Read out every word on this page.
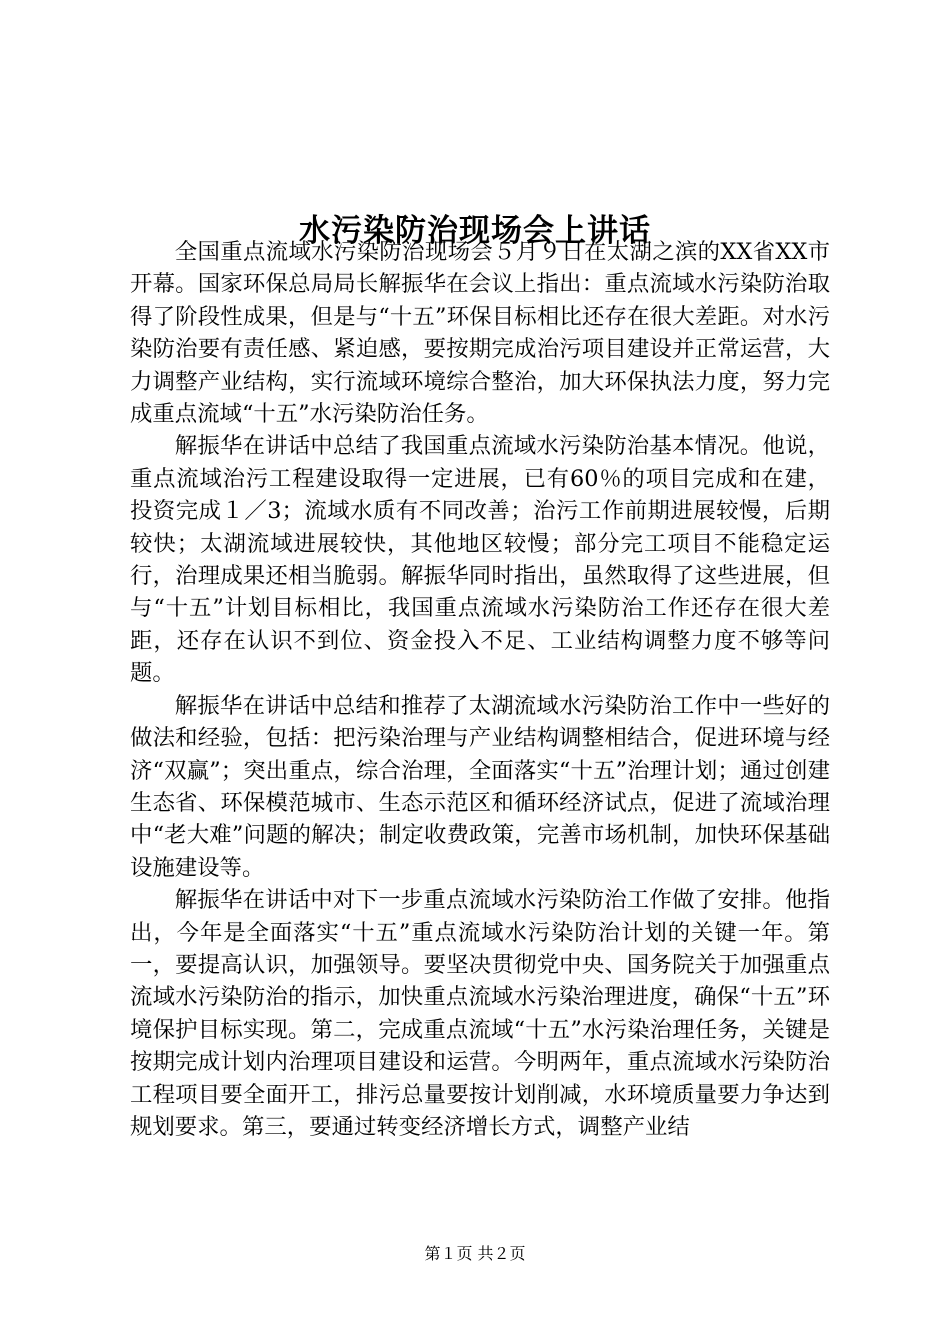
水污染防治现场会上讲话

全国重点流域水污染防治现场会５月９日在太湖之滨的XX省XX市开幕。国家环保总局局长解振华在会议上指出：重点流域水污染防治取得了阶段性成果，但是与“十五”环保目标相比还存在很大差距。对水污染防治要有责任感、紧迫感，要按期完成治污项目建设并正常运营，大力调整产业结构，实行流域环境综合整治，加大环保执法力度，努力完成重点流域“十五”水污染防治任务。

解振华在讲话中总结了我国重点流域水污染防治基本情况。他说，重点流域治污工程建设取得一定进展，已有60％的项目完成和在建，投资完成１／3；流域水质有不同改善；治污工作前期进展较慢，后期较快；太湖流域进展较快，其他地区较慢；部分完工项目不能稳定运行，治理成果还相当脆弱。解振华同时指出，虽然取得了这些进展，但与“十五”计划目标相比，我国重点流域水污染防治工作还存在很大差距，还存在认识不到位、资金投入不足、工业结构调整力度不够等问题。

解振华在讲话中总结和推荐了太湖流域水污染防治工作中一些好的做法和经验，包括：把污染治理与产业结构调整相结合，促进环境与经济“双赢”；突出重点，综合治理，全面落实“十五”治理计划；通过创建生态省、环保模范城市、生态示范区和循环经济试点，促进了流域治理中“老大难”问题的解决；制定收费政策，完善市场机制，加快环保基础设施建设等。

解振华在讲话中对下一步重点流域水污染防治工作做了安排。他指出，今年是全面落实“十五”重点流域水污染防治计划的关键一年。第一，要提高认识，加强领导。要坚决贯彻党中央、国务院关于加强重点流域水污染防治的指示，加快重点流域水污染治理进度，确保“十五”环境保护目标实现。第二，完成重点流域“十五”水污染治理任务，关键是按期完成计划内治理项目建设和运营。今明两年，重点流域水污染防治工程项目要全面开工，排污总量要按计划削减，水环境质量要力争达到规划要求。第三，要通过转变经济增长方式，调整产业结

第１页 共２页
